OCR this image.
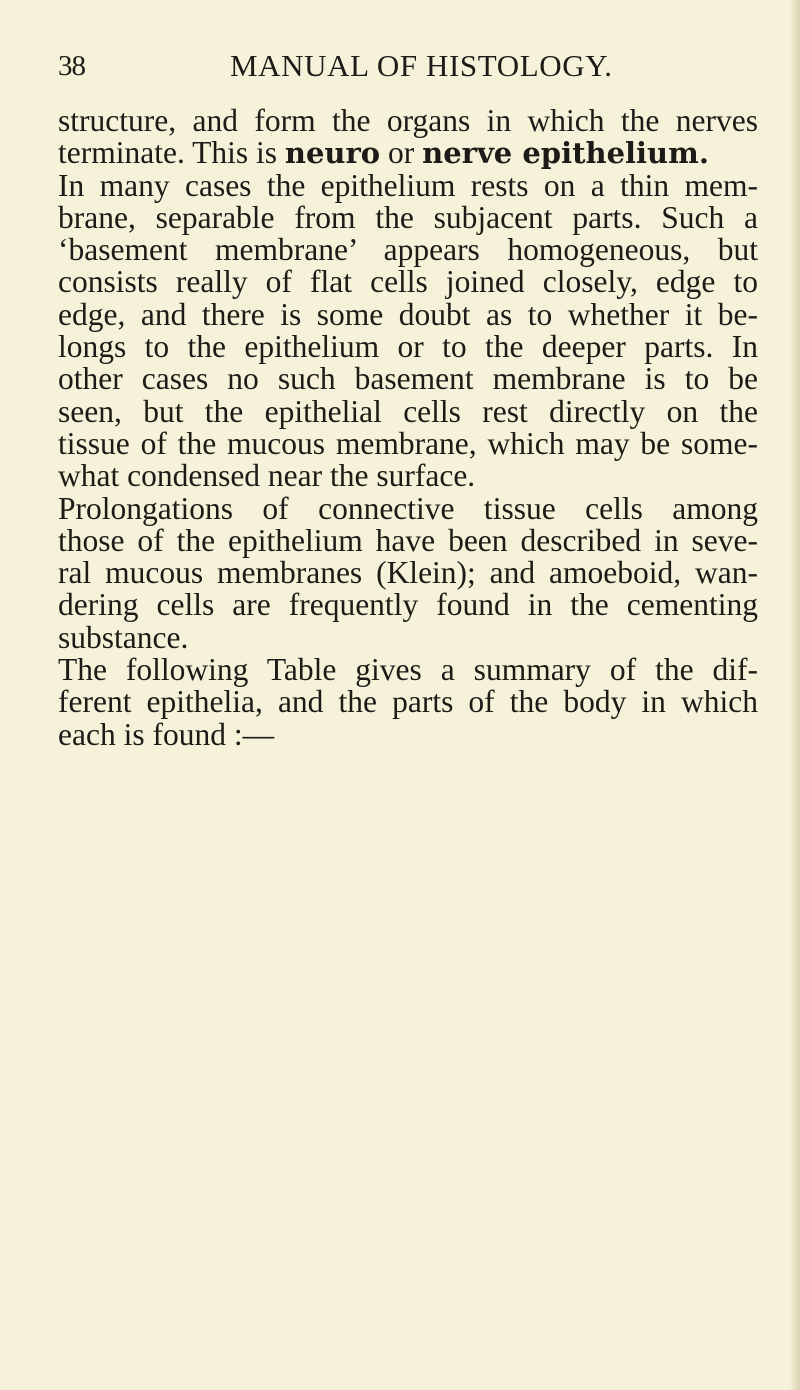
38	MANUAL OF HISTOLOGY.
structure, and form the organs in which the nerves
terminate. This is neuro or nerve epithelium.
In many cases the epithelium rests on a thin mem-
brane, separable from the subjacent parts. Such a
‘basement membrane’ appears homogeneous, but
consists really of flat cells joined closely, edge to
edge, and there is some doubt as to whether it be-
longs to the epithelium or to the deeper parts. In
other cases no such basement membrane is to be
seen, but the epithelial cells rest directly on the
tissue of the mucous membrane, which may be some-
what condensed near the surface.
Prolongations of connective tissue cells among
those of the epithelium have been described in seve-
ral mucous membranes (Klein); and amoeboid, wan-
dering cells are frequently found in the cementing
substance.
The following Table gives a summary of the dif-
ferent epithelia, and the parts of the body in which
each is found :—
